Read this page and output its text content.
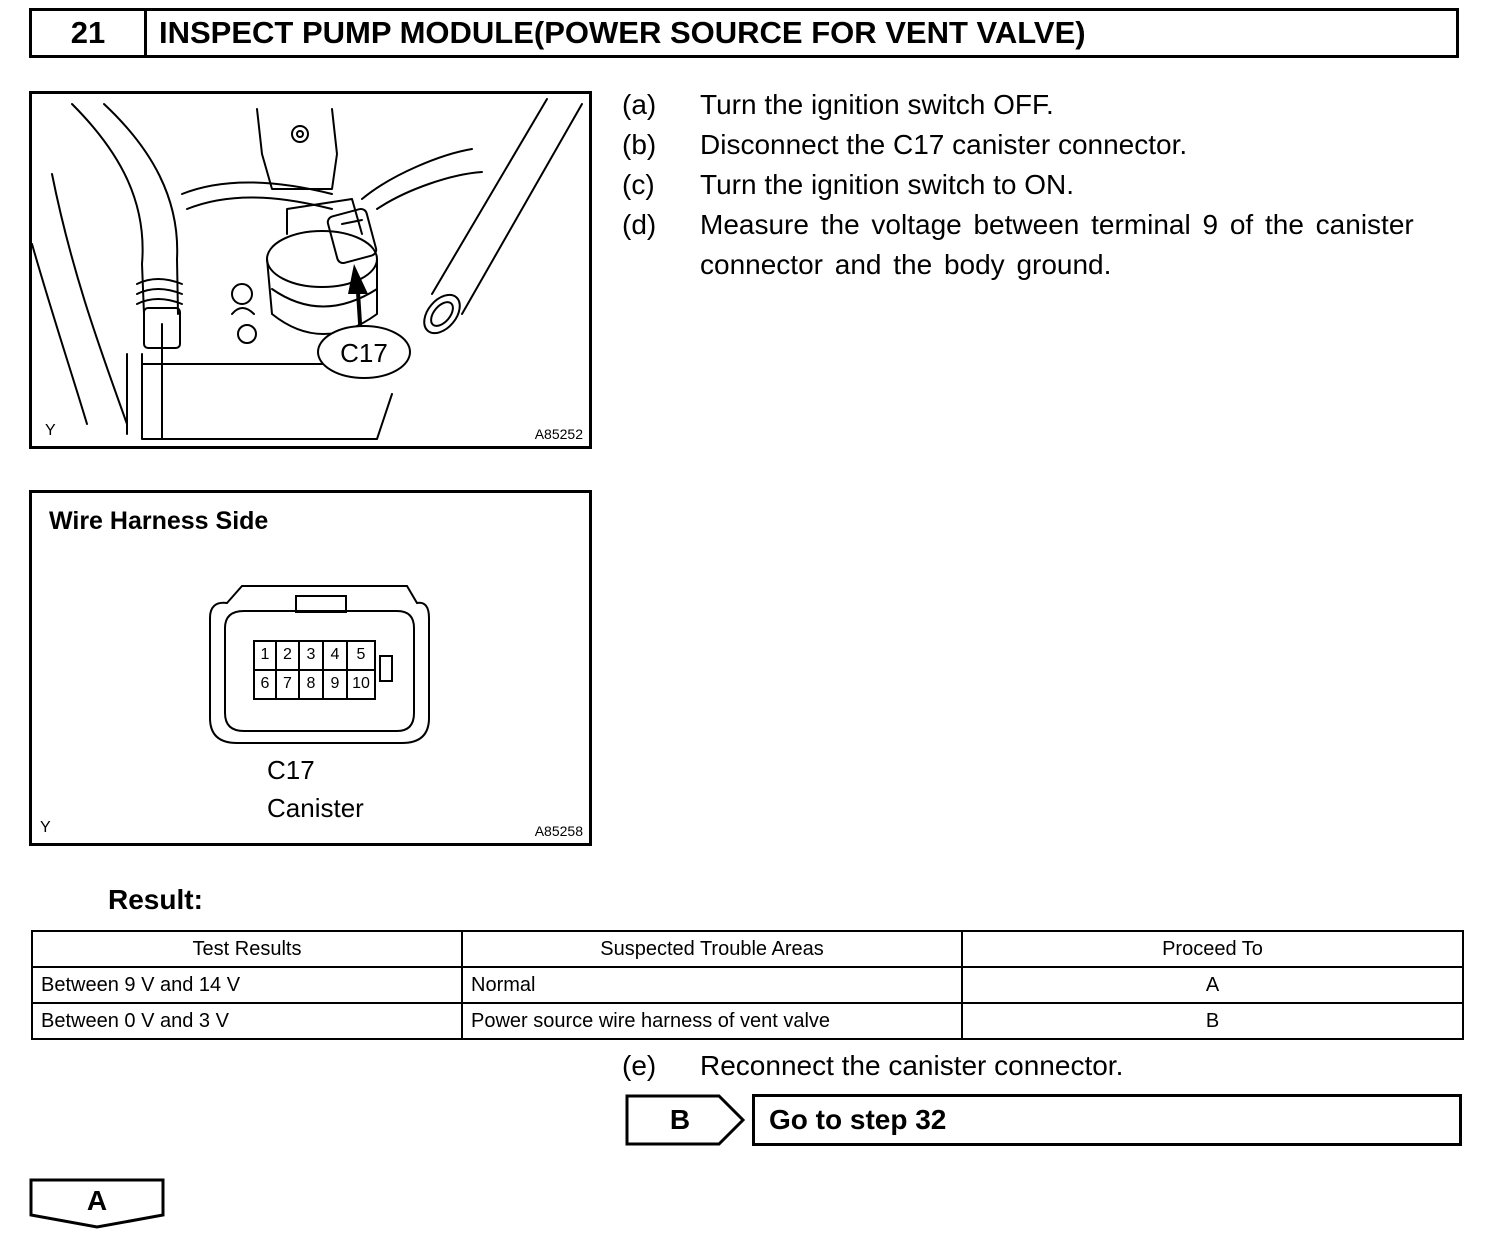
21	INSPECT PUMP MODULE(POWER SOURCE FOR VENT VALVE)
C17
Y	A85252
Wire Harness Side
1 2 3 4	5
6 7 8 9 10
C17
Canister
Y	A85258
(a)	Turn the ignition switch OFF.
(b)	Disconnect the C17 canister connector.
(c)	Turn the ignition switch to ON.
(d)	Measure the voltage between terminal 9 of the canister connector and the body ground.
Result:
Test Results	Suspected Trouble Areas	Proceed To
Between 9 V and 14 V	Normal	A
Between 0 V and 3 V	Power source wire harness of vent valve	B
(e)	Reconnect the canister connector.
B	Go to step 32
A
